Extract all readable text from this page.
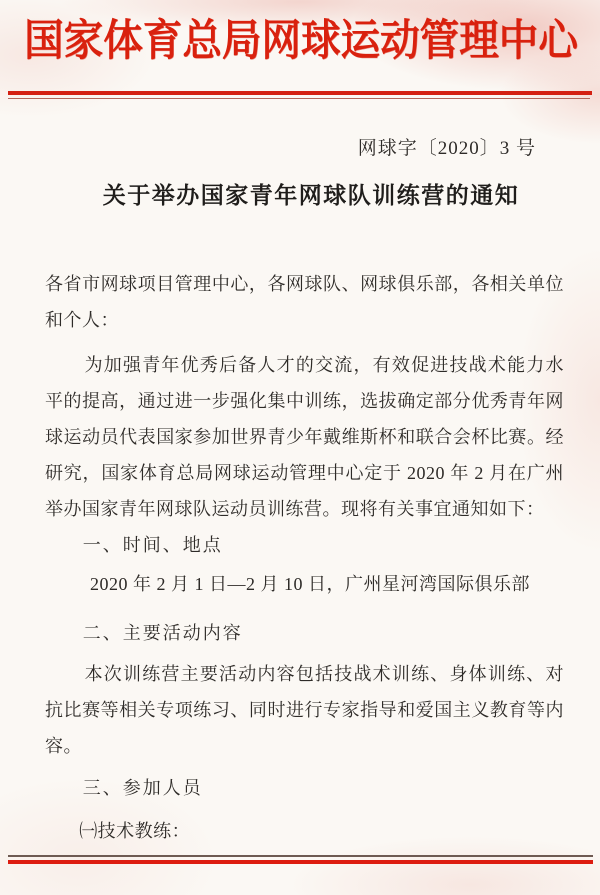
国家体育总局网球运动管理中心
网球字〔2020〕3 号
关于举办国家青年网球队训练营的通知

各省市网球项目管理中心，各网球队、网球俱乐部，各相关单位和个人：

为加强青年优秀后备人才的交流，有效促进技战术能力水平的提高，通过进一步强化集中训练，选拔确定部分优秀青年网球运动员代表国家参加世界青少年戴维斯杯和联合会杯比赛。经研究，国家体育总局网球运动管理中心定于 2020 年 2 月在广州举办国家青年网球队运动员训练营。现将有关事宜通知如下：

一、时间、地点

2020 年 2 月 1 日—2 月 10 日，广州星河湾国际俱乐部

二、主要活动内容

本次训练营主要活动内容包括技战术训练、身体训练、对抗比赛等相关专项练习、同时进行专家指导和爱国主义教育等内容。

三、参加人员

㈠技术教练：
